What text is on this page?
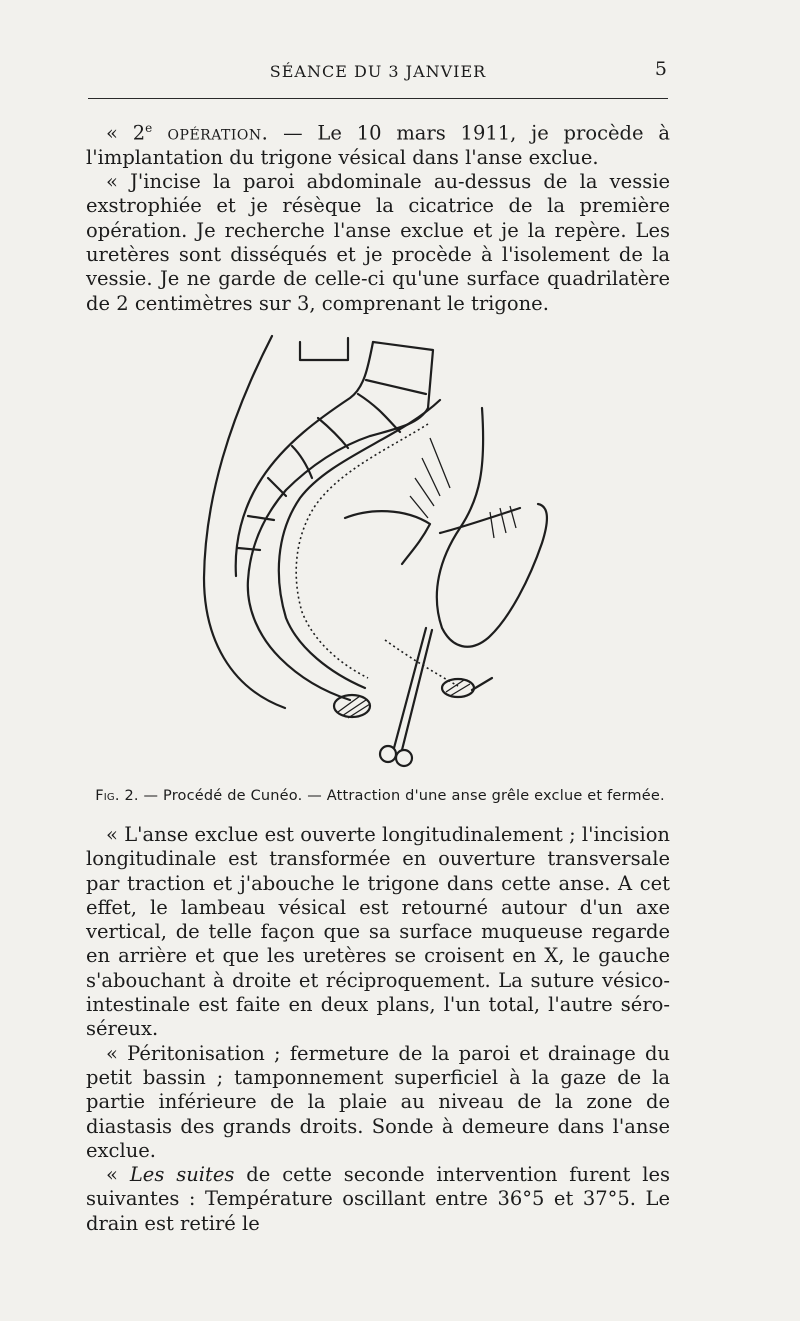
SÉANCE DU 3 JANVIER	5

« 2e opération. — Le 10 mars 1911, je procède à l'implantation du trigone vésical dans l'anse exclue.

« J'incise la paroi abdominale au-dessus de la vessie exstrophiée et je résèque la cicatrice de la première opération. Je recherche l'anse exclue et je la repère. Les uretères sont disséqués et je procède à l'isolement de la vessie. Je ne garde de celle-ci qu'une surface quadrilatère de 2 centimètres sur 3, comprenant le trigone.

Fig. 2. — Procédé de Cunéo. — Attraction d'une anse grêle exclue et fermée.

« L'anse exclue est ouverte longitudinalement ; l'incision longitudinale est transformée en ouverture transversale par traction et j'abouche le trigone dans cette anse. A cet effet, le lambeau vésical est retourné autour d'un axe vertical, de telle façon que sa surface muqueuse regarde en arrière et que les uretères se croisent en X, le gauche s'abouchant à droite et réciproquement. La suture vésico-intestinale est faite en deux plans, l'un total, l'autre séro-séreux.

« Péritonisation ; fermeture de la paroi et drainage du petit bassin ; tamponnement superficiel à la gaze de la partie inférieure de la plaie au niveau de la zone de diastasis des grands droits. Sonde à demeure dans l'anse exclue.

« Les suites de cette seconde intervention furent les suivantes : Température oscillant entre 36°5 et 37°5. Le drain est retiré le
